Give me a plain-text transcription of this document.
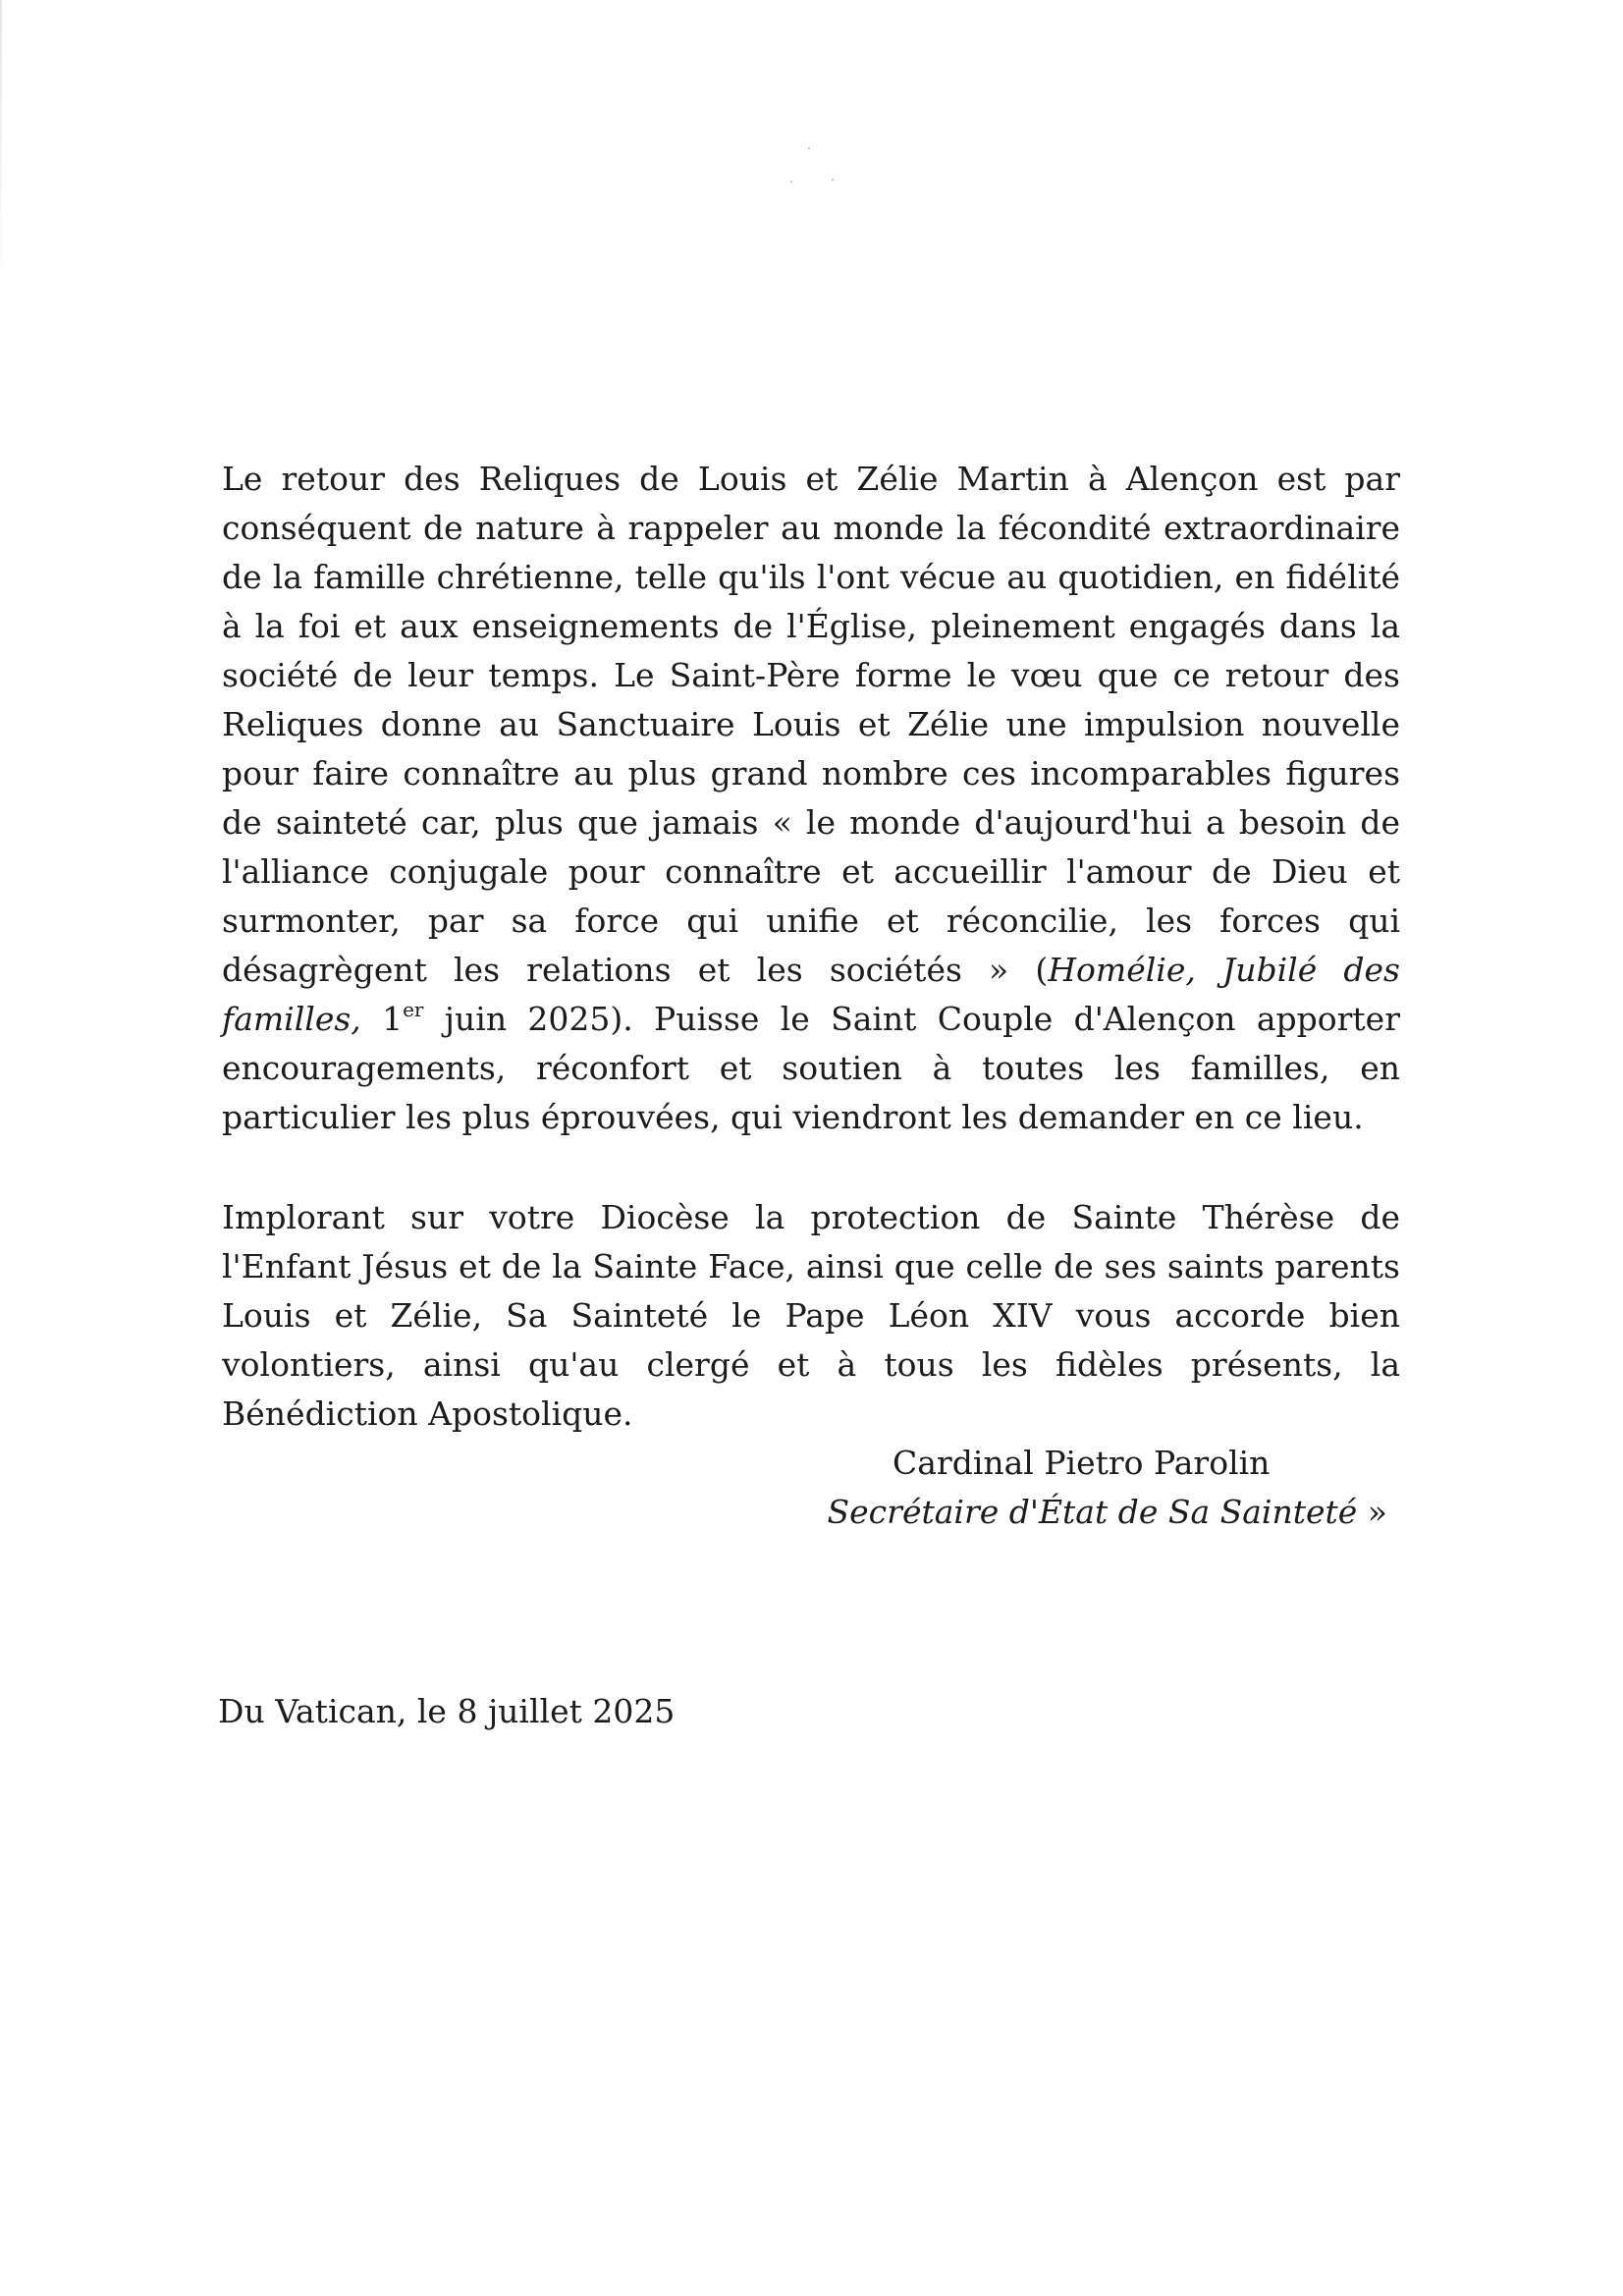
Le retour des Reliques de Louis et Zélie Martin à Alençon est par conséquent de nature à rappeler au monde la fécondité extraordinaire de la famille chrétienne, telle qu'ils l'ont vécue au quotidien, en fidélité à la foi et aux enseignements de l'Église, pleinement engagés dans la société de leur temps. Le Saint-Père forme le vœu que ce retour des Reliques donne au Sanctuaire Louis et Zélie une impulsion nouvelle pour faire connaître au plus grand nombre ces incomparables figures de sainteté car, plus que jamais « le monde d'aujourd'hui a besoin de l'alliance conjugale pour connaître et accueillir l'amour de Dieu et surmonter, par sa force qui unifie et réconcilie, les forces qui désagrègent les relations et les sociétés » (Homélie, Jubilé des familles, 1er juin 2025). Puisse le Saint Couple d'Alençon apporter encouragements, réconfort et soutien à toutes les familles, en particulier les plus éprouvées, qui viendront les demander en ce lieu.

Implorant sur votre Diocèse la protection de Sainte Thérèse de l'Enfant Jésus et de la Sainte Face, ainsi que celle de ses saints parents Louis et Zélie, Sa Sainteté le Pape Léon XIV vous accorde bien volontiers, ainsi qu'au clergé et à tous les fidèles présents, la Bénédiction Apostolique.

Cardinal Pietro Parolin
Secrétaire d'État de Sa Sainteté »
Du Vatican, le 8 juillet 2025
